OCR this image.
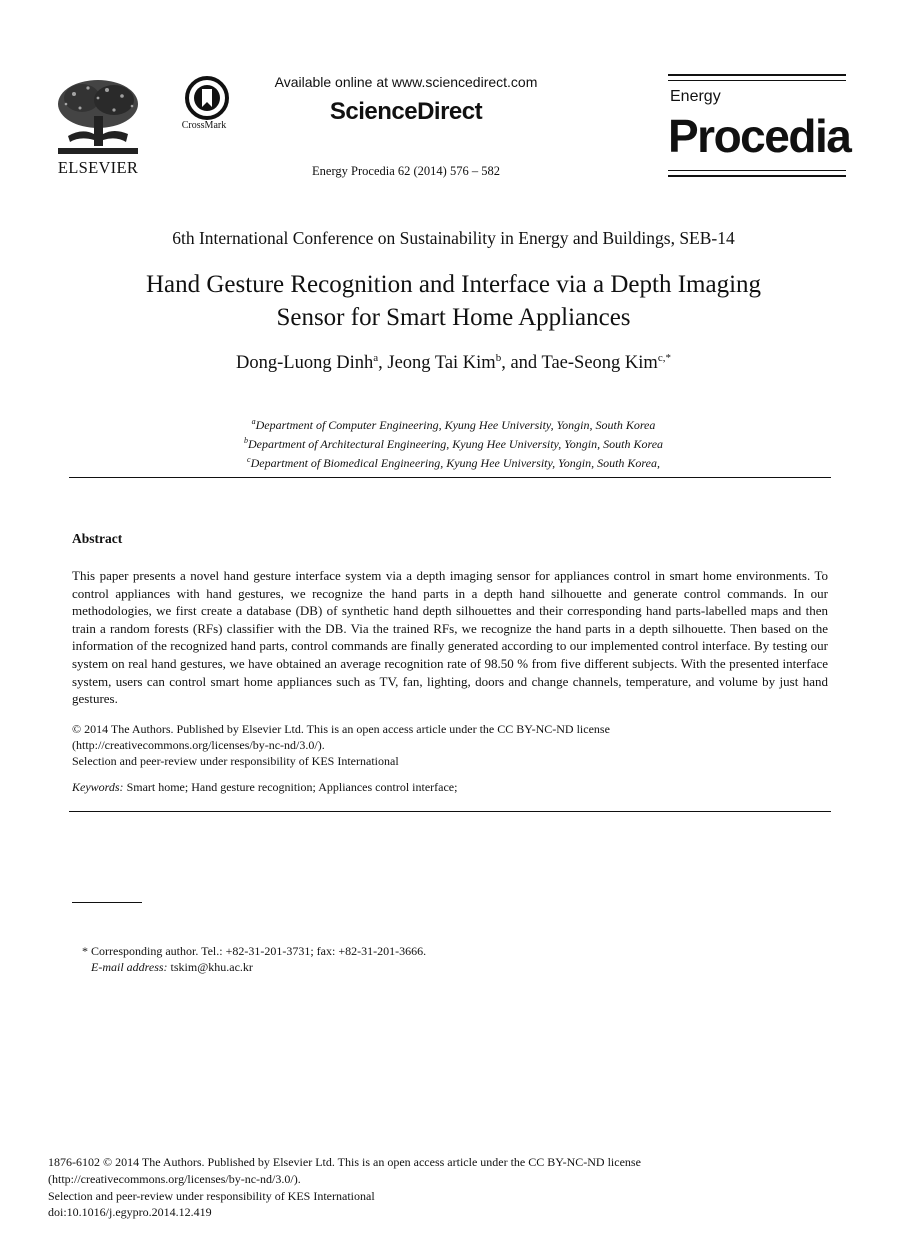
ELSEVIER
CrossMark
Available online at www.sciencedirect.com
ScienceDirect
Energy Procedia 62 (2014) 576 – 582
Energy
Procedia
6th International Conference on Sustainability in Energy and Buildings, SEB-14
Hand Gesture Recognition and Interface via a Depth Imaging
Sensor for Smart Home Appliances
Dong-Luong Dinh$^a$, Jeong Tai Kim$^b$, and Tae-Seong Kim$^{c,*}$
$^a$Department of Computer Engineering, Kyung Hee University, Yongin, South Korea
$^b$Department of Architectural Engineering, Kyung Hee University, Yongin, South Korea
$^c$Department of Biomedical Engineering, Kyung Hee University, Yongin, South Korea,
Abstract
This paper presents a novel hand gesture interface system via a depth imaging sensor for appliances control in smart home environments. To control appliances with hand gestures, we recognize the hand parts in a depth hand silhouette and generate control commands. In our methodologies, we first create a database (DB) of synthetic hand depth silhouettes and their corresponding hand parts-labelled maps and then train a random forests (RFs) classifier with the DB. Via the trained RFs, we recognize the hand parts in a depth silhouette. Then based on the information of the recognized hand parts, control commands are finally generated according to our implemented control interface. By testing our system on real hand gestures, we have obtained an average recognition rate of 98.50 % from five different subjects. With the presented interface system, users can control smart home appliances such as TV, fan, lighting, doors and change channels, temperature, and volume by just hand gestures.
© 2014 The Authors. Published by Elsevier Ltd. This is an open access article under the CC BY-NC-ND license
(http://creativecommons.org/licenses/by-nc-nd/3.0/).
Selection and peer-review under responsibility of KES International
Keywords: Smart home; Hand gesture recognition; Appliances control interface;
* Corresponding author. Tel.: +82-31-201-3731; fax: +82-31-201-3666.
E-mail address: tskim@khu.ac.kr
1876-6102 © 2014 The Authors. Published by Elsevier Ltd. This is an open access article under the CC BY-NC-ND license
(http://creativecommons.org/licenses/by-nc-nd/3.0/).
Selection and peer-review under responsibility of KES International
doi:10.1016/j.egypro.2014.12.419
